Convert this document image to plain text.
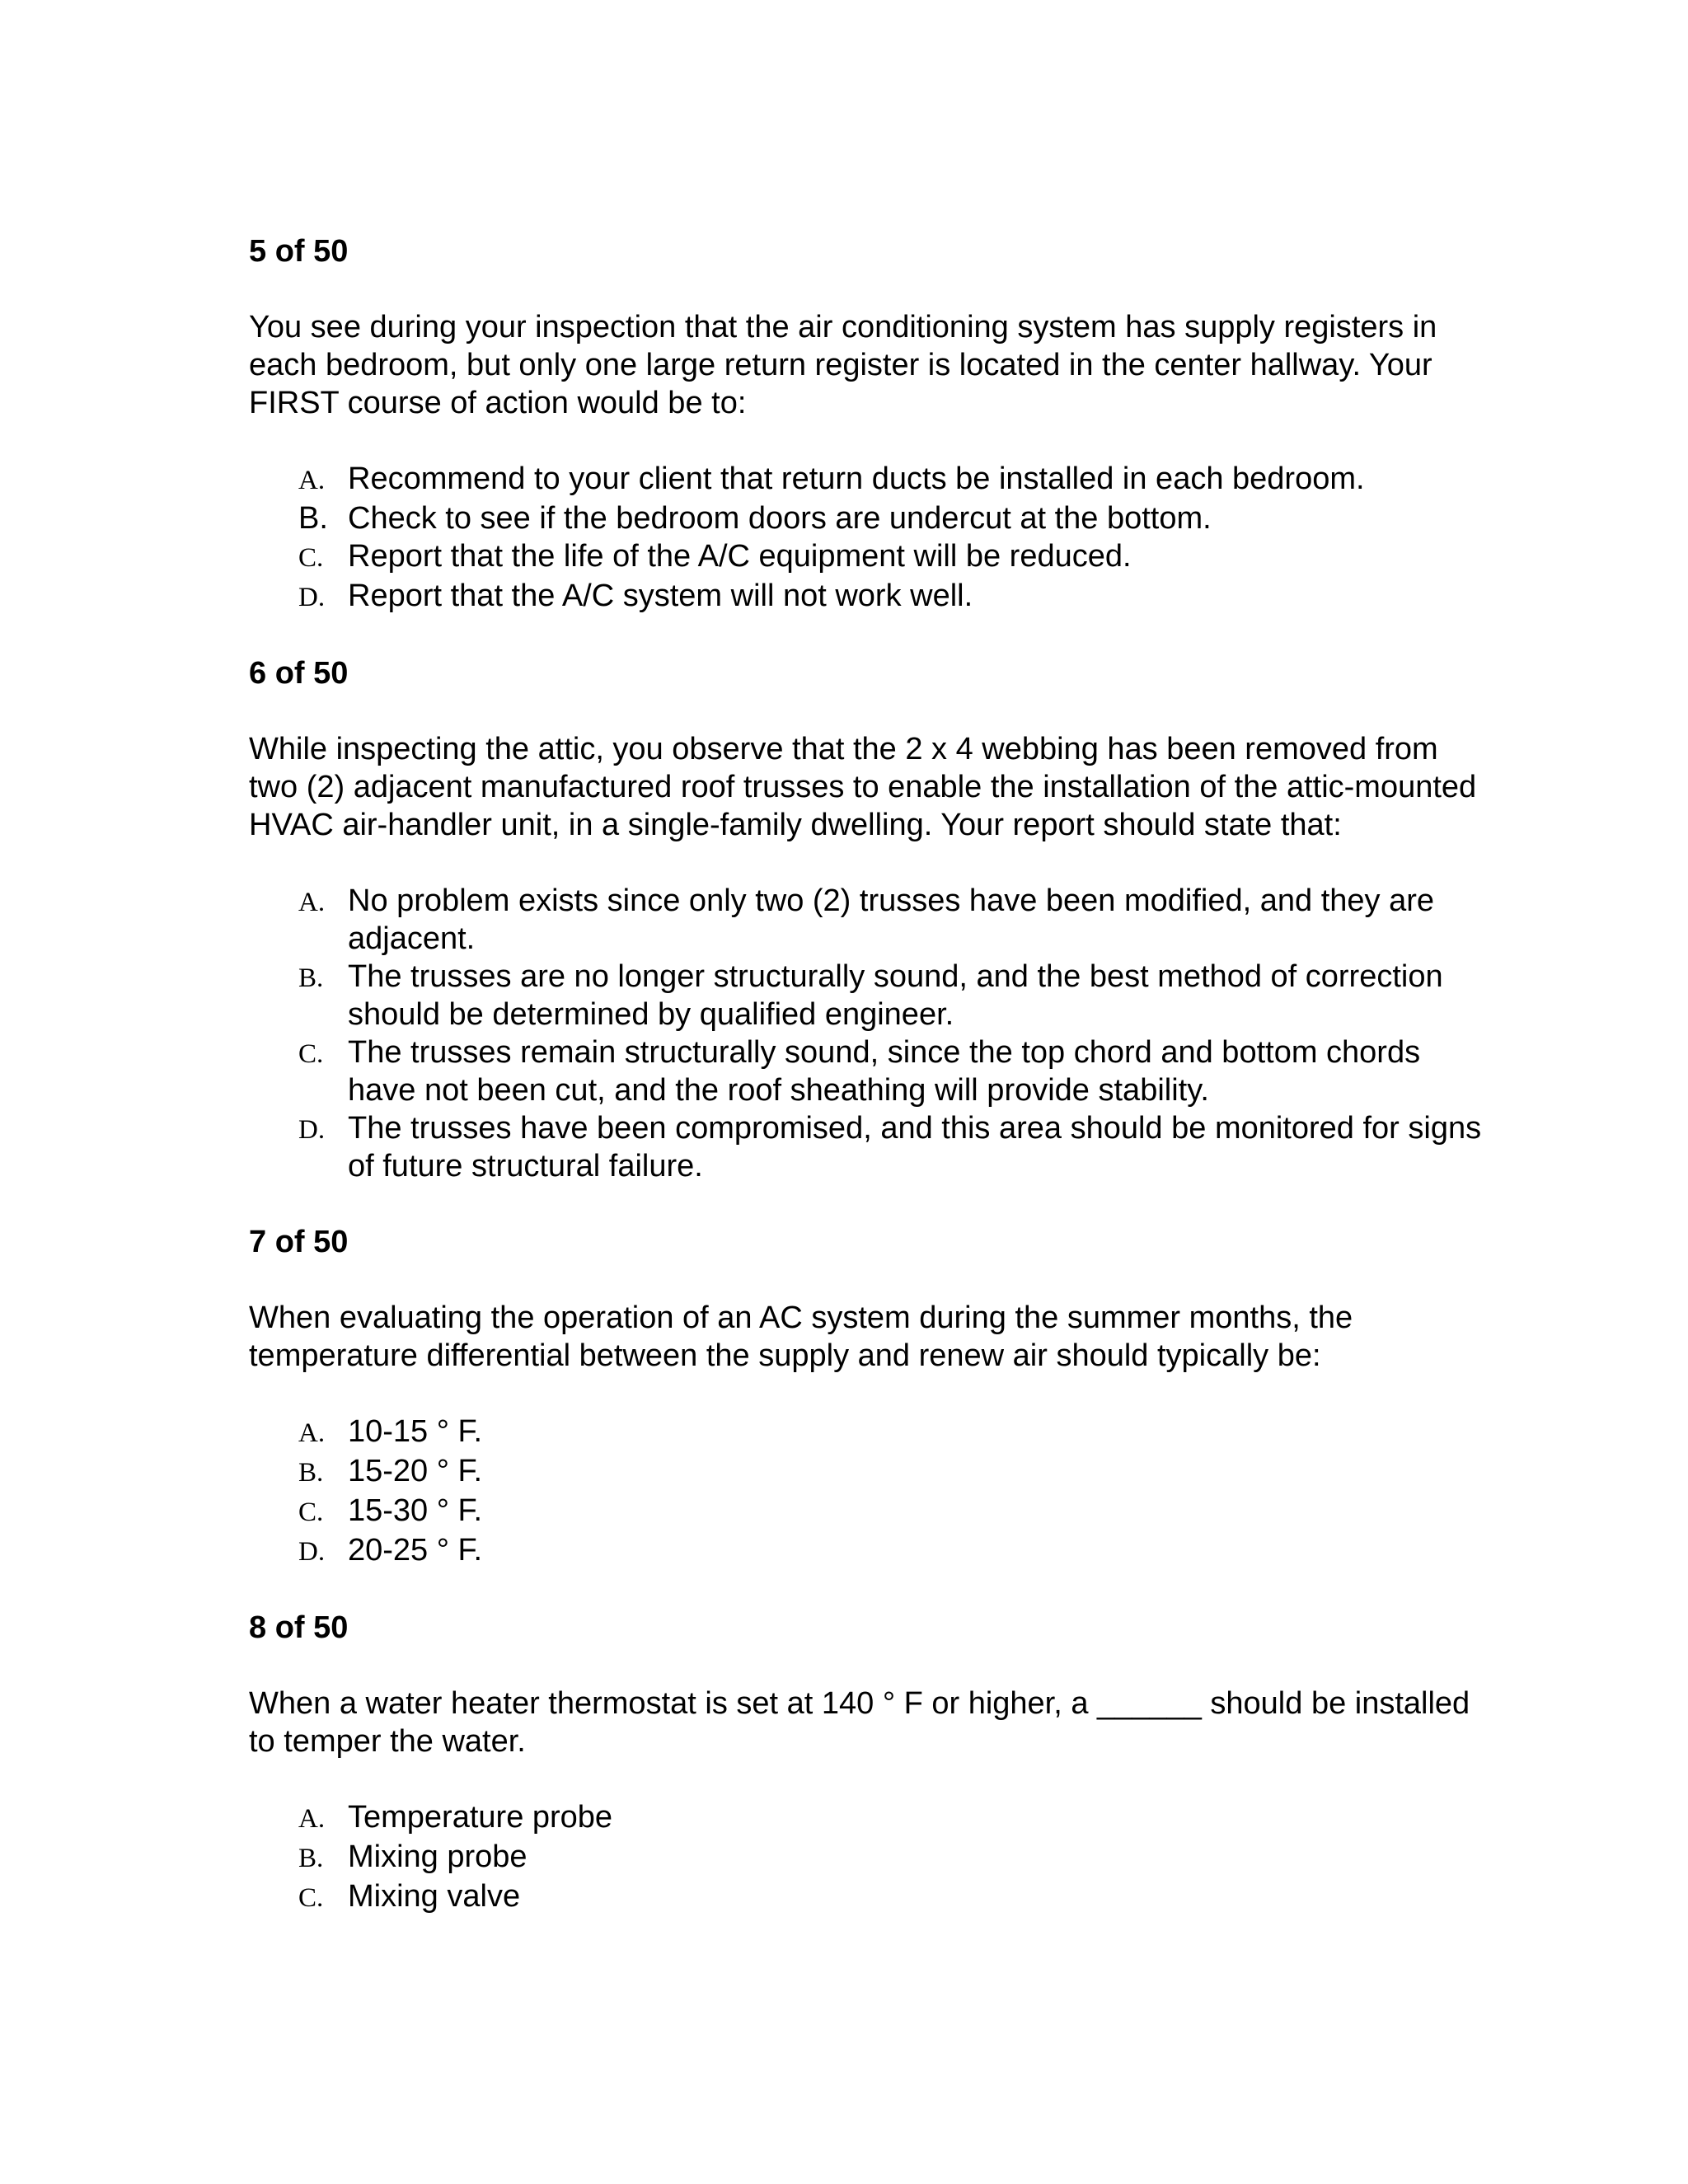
5 of 50

You see during your inspection that the air conditioning system has supply registers in each bedroom, but only one large return register is located in the center hallway. Your FIRST course of action would be to:

A. Recommend to your client that return ducts be installed in each bedroom.
B. Check to see if the bedroom doors are undercut at the bottom.
C. Report that the life of the A/C equipment will be reduced.
D. Report that the A/C system will not work well.

6 of 50

While inspecting the attic, you observe that the 2 x 4 webbing has been removed from two (2) adjacent manufactured roof trusses to enable the installation of the attic-mounted HVAC air-handler unit, in a single-family dwelling. Your report should state that:

A. No problem exists since only two (2) trusses have been modified, and they are adjacent.
B. The trusses are no longer structurally sound, and the best method of correction should be determined by qualified engineer.
C. The trusses remain structurally sound, since the top chord and bottom chords have not been cut, and the roof sheathing will provide stability.
D. The trusses have been compromised, and this area should be monitored for signs of future structural failure.

7 of 50

When evaluating the operation of an AC system during the summer months, the temperature differential between the supply and renew air should typically be:

A. 10-15 ° F.
B. 15-20 ° F.
C. 15-30 ° F.
D. 20-25 ° F.

8 of 50

When a water heater thermostat is set at 140 ° F or higher, a ______ should be installed to temper the water.

A. Temperature probe
B. Mixing probe
C. Mixing valve
